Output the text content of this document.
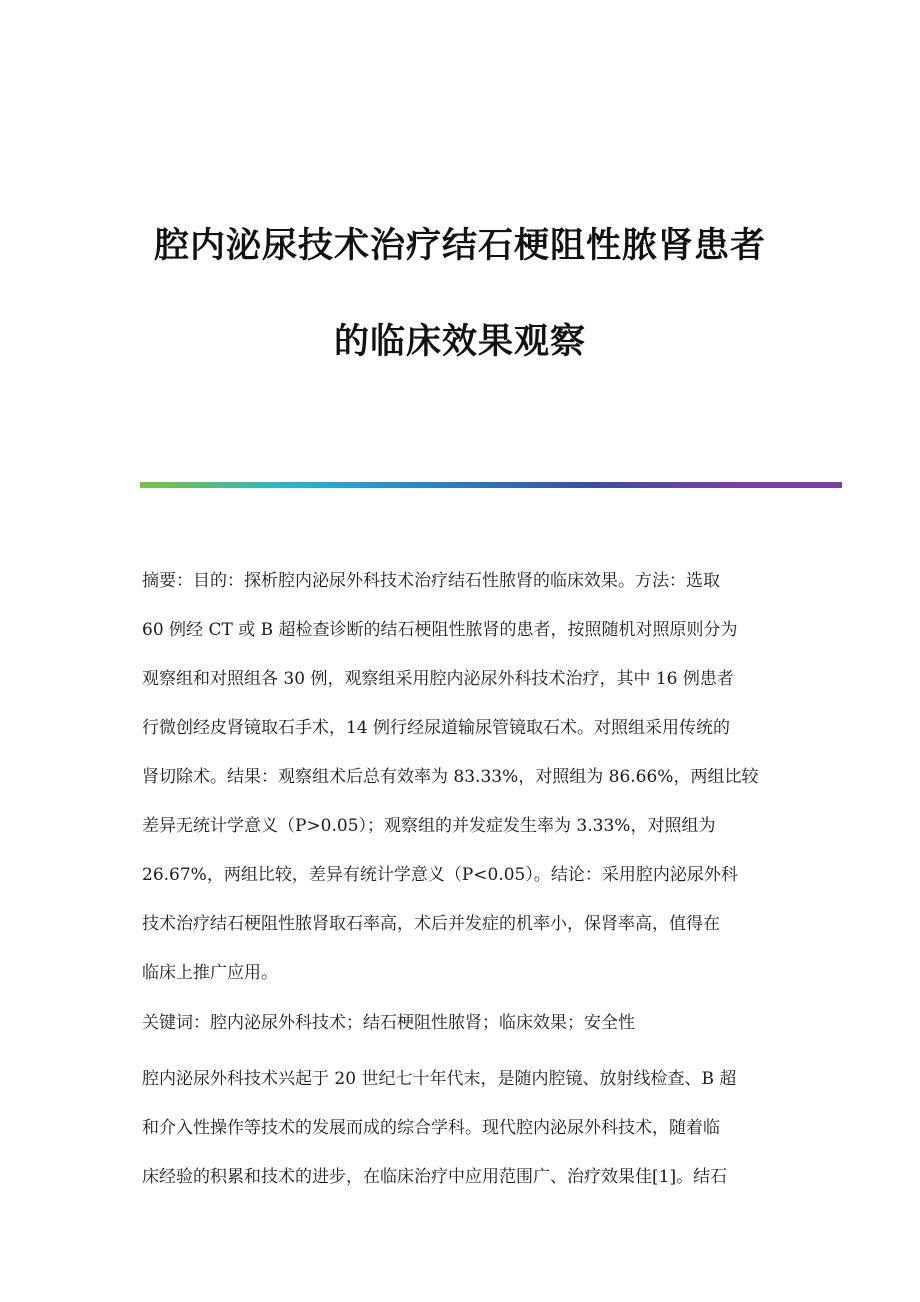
腔内泌尿技术治疗结石梗阻性脓肾患者
的临床效果观察
摘要：目的：探析腔内泌尿外科技术治疗结石性脓肾的临床效果。方法：选取
60 例经 CT 或 B 超检查诊断的结石梗阻性脓肾的患者，按照随机对照原则分为
观察组和对照组各 30 例，观察组采用腔内泌尿外科技术治疗，其中 16 例患者
行微创经皮肾镜取石手术，14 例行经尿道输尿管镜取石术。对照组采用传统的
肾切除术。结果：观察组术后总有效率为 83.33%，对照组为 86.66%，两组比较
差异无统计学意义（P>0.05）；观察组的并发症发生率为 3.33%，对照组为
26.67%，两组比较，差异有统计学意义（P<0.05）。结论：采用腔内泌尿外科
技术治疗结石梗阻性脓肾取石率高，术后并发症的机率小，保肾率高，值得在
临床上推广应用。
关键词：腔内泌尿外科技术；结石梗阻性脓肾；临床效果；安全性
腔内泌尿外科技术兴起于 20 世纪七十年代末，是随内腔镜、放射线检查、B 超
和介入性操作等技术的发展而成的综合学科。现代腔内泌尿外科技术，随着临
床经验的积累和技术的进步，在临床治疗中应用范围广、治疗效果佳[1]。结石
